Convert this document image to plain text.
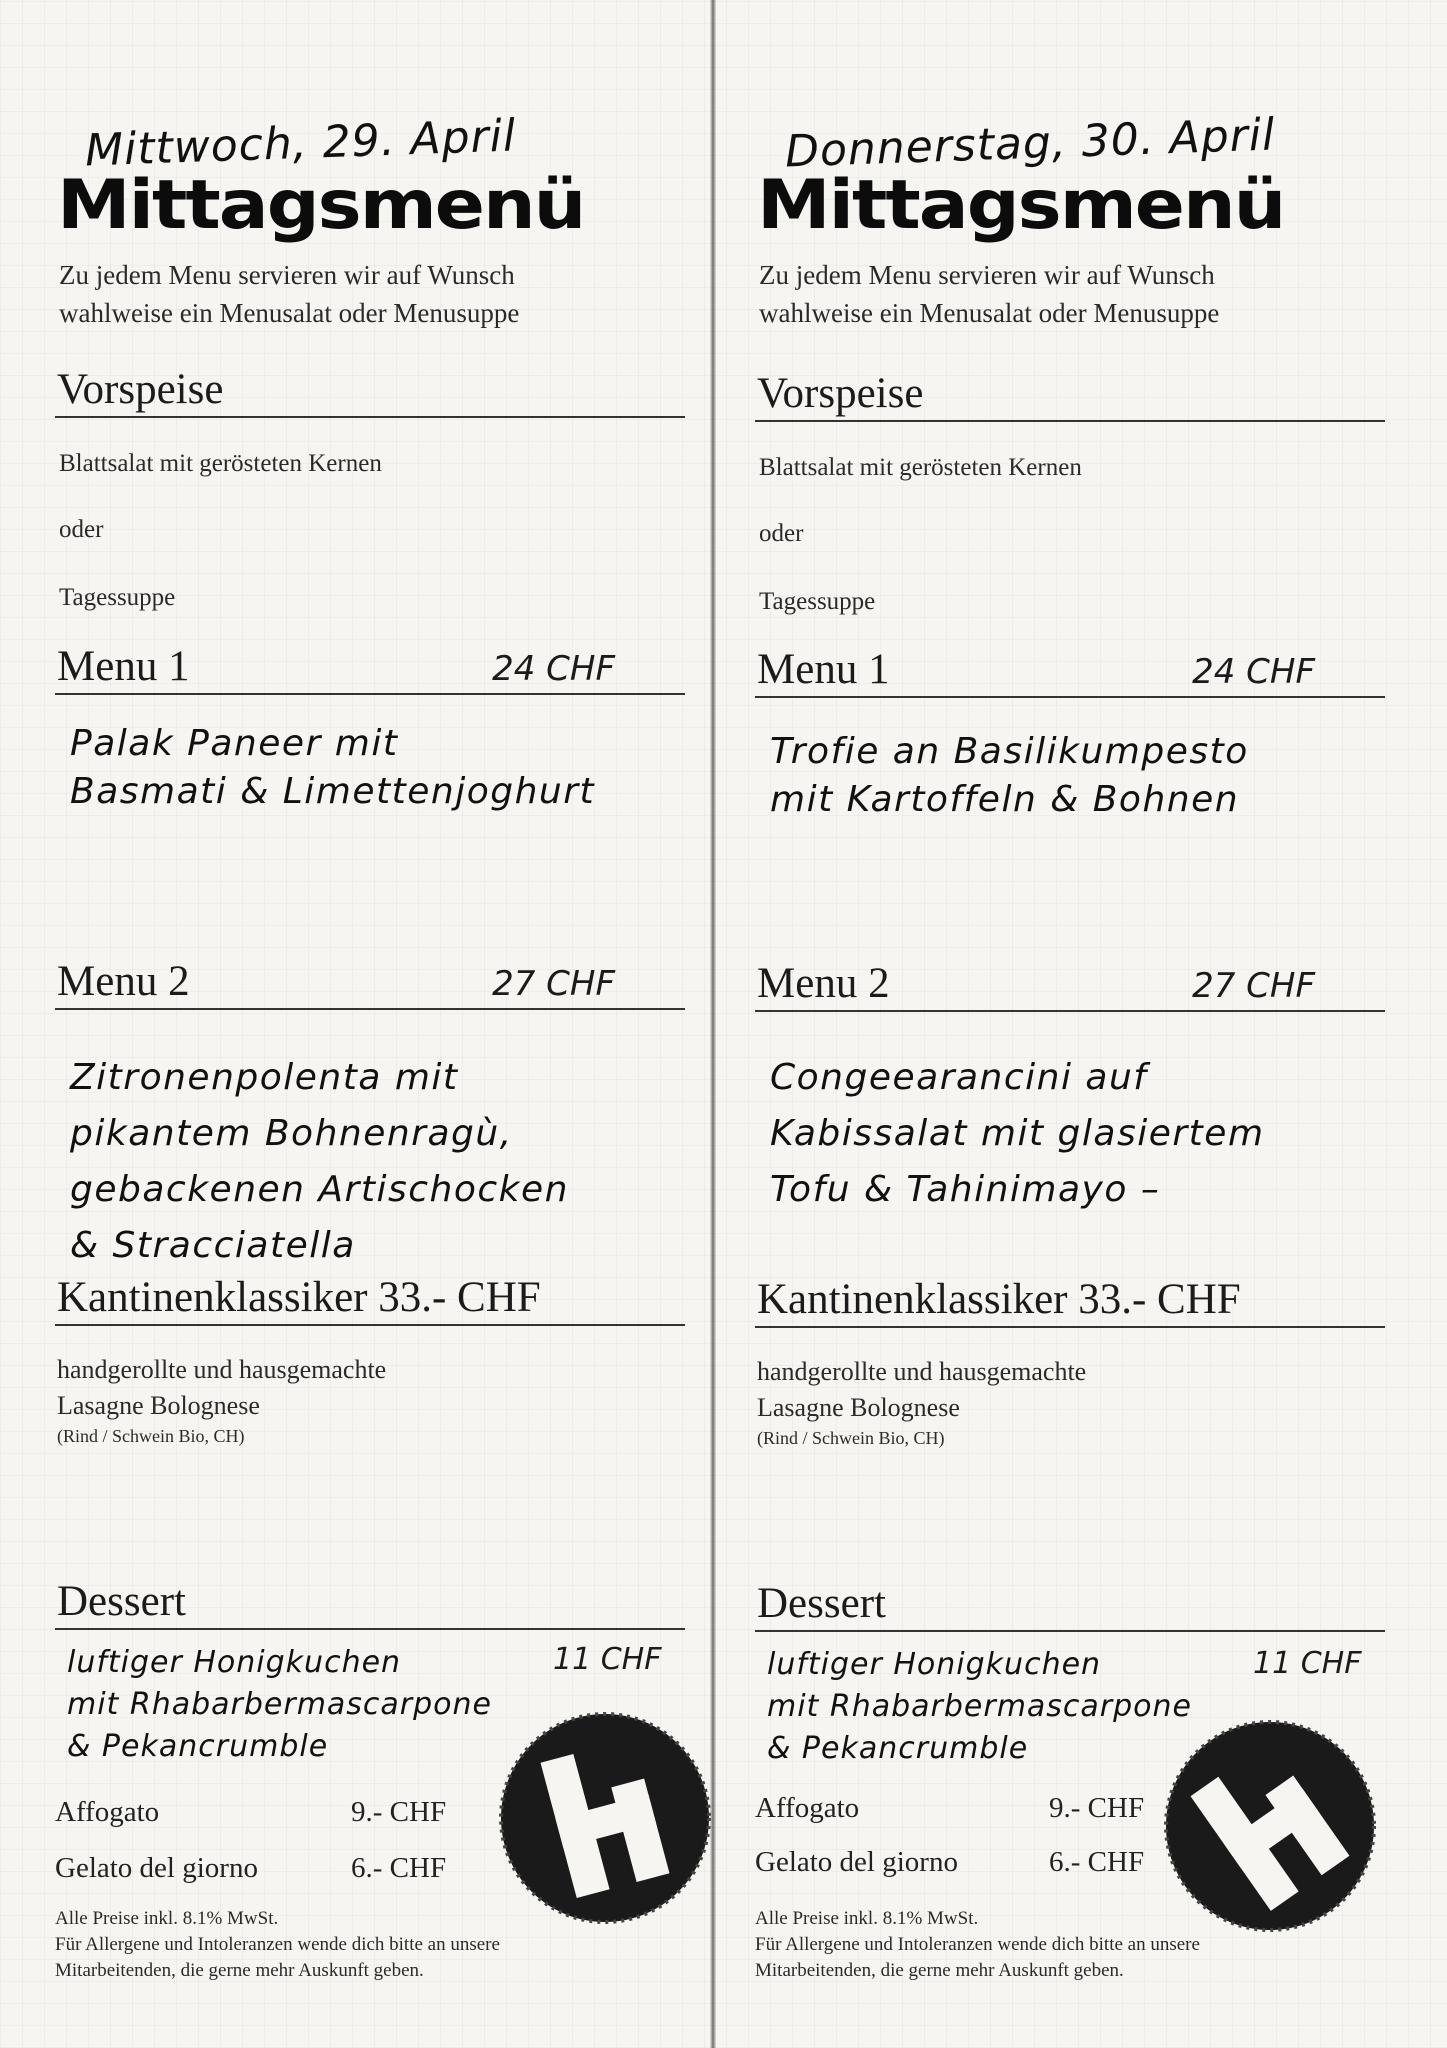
Mittwoch, 29. April
Mittagsmenü
Zu jedem Menu servieren wir auf Wunsch
wahlweise ein Menusalat oder Menusuppe
Vorspeise
Blattsalat mit gerösteten Kernen
oder
Tagessuppe
Menu 1	24 CHF
Palak Paneer mit
Basmati & Limettenjoghurt
Menu 2	27 CHF
Zitronenpolenta mit
pikantem Bohnenragù,
gebackenen Artischocken
& Stracciatella
Kantinenklassiker 33.- CHF
handgerollte und hausgemachte
Lasagne Bolognese
(Rind / Schwein Bio, CH)
Dessert
luftiger Honigkuchen
mit Rhabarbermascarpone
& Pekancrumble
11 CHF
Affogato	9.- CHF
Gelato del giorno	6.- CHF
Alle Preise inkl. 8.1% MwSt.
Für Allergene und Intoleranzen wende dich bitte an unsere
Mitarbeitenden, die gerne mehr Auskunft geben.
Donnerstag, 30. April
Mittagsmenü
Zu jedem Menu servieren wir auf Wunsch
wahlweise ein Menusalat oder Menusuppe
Vorspeise
Blattsalat mit gerösteten Kernen
oder
Tagessuppe
Menu 1	24 CHF
Trofie an Basilikumpesto
mit Kartoffeln & Bohnen
Menu 2	27 CHF
Congeearancini auf
Kabissalat mit glasiertem
Tofu & Tahinimayo –
Kantinenklassiker 33.- CHF
handgerollte und hausgemachte
Lasagne Bolognese
(Rind / Schwein Bio, CH)
Dessert
luftiger Honigkuchen
mit Rhabarbermascarpone
& Pekancrumble
11 CHF
Affogato	9.- CHF
Gelato del giorno	6.- CHF
Alle Preise inkl. 8.1% MwSt.
Für Allergene und Intoleranzen wende dich bitte an unsere
Mitarbeitenden, die gerne mehr Auskunft geben.
